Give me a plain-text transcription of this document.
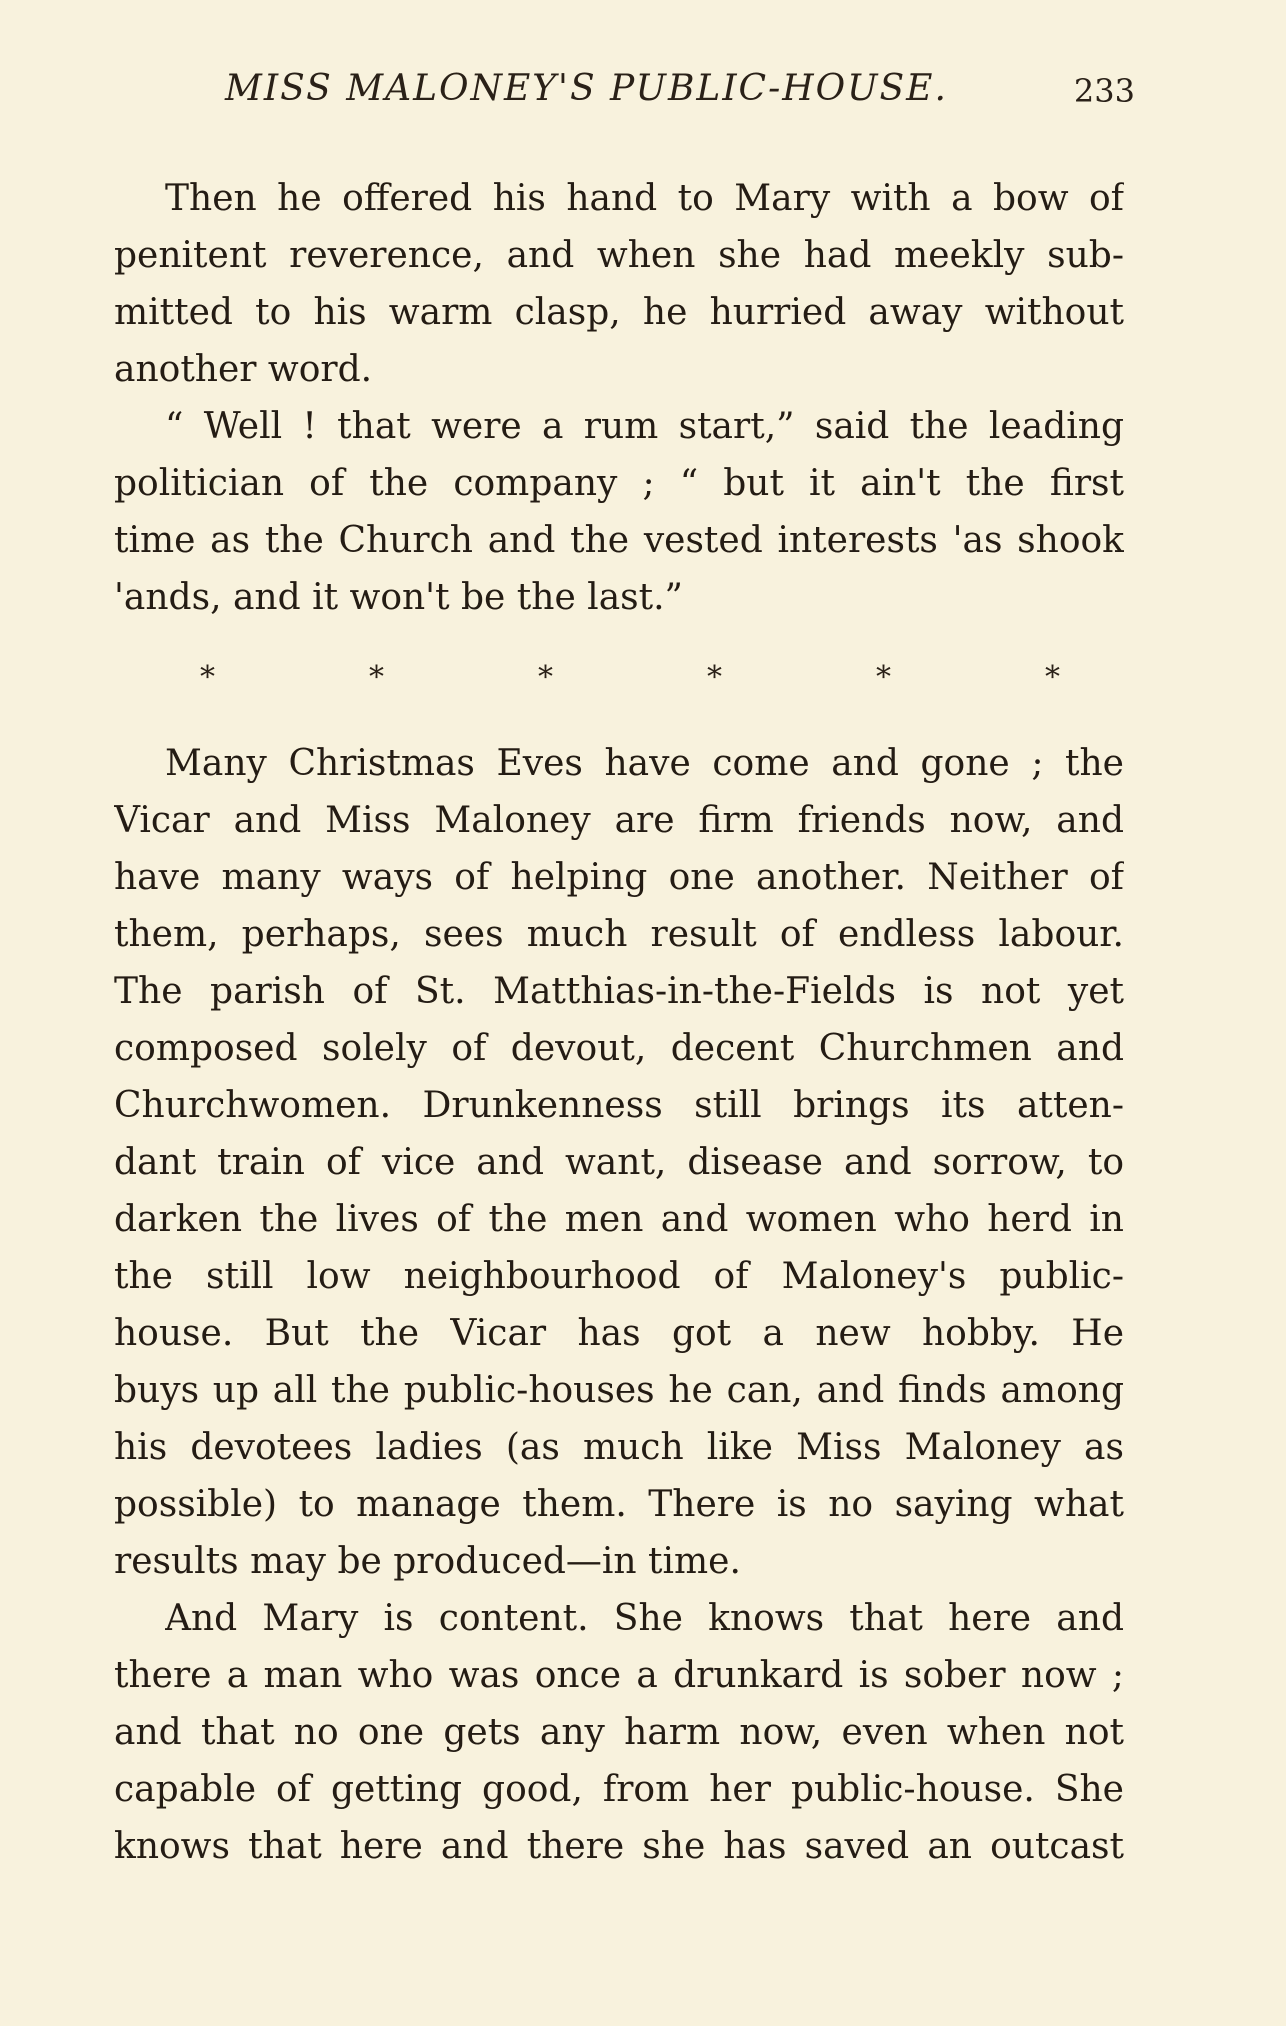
MISS MALONEY'S PUBLIC-HOUSE.	233
Then he offered his hand to Mary with a bow of
penitent reverence, and when she had meekly sub-
mitted to his warm clasp, he hurried away without
another word.
“ Well ! that were a rum start,” said the leading
politician of the company ; “ but it ain't the first
time as the Church and the vested interests 'as shook
'ands, and it won't be the last.”
*	*	*	*	*	*
Many Christmas Eves have come and gone ; the
Vicar and Miss Maloney are firm friends now, and
have many ways of helping one another. Neither of
them, perhaps, sees much result of endless labour.
The parish of St. Matthias-in-the-Fields is not yet
composed solely of devout, decent Churchmen and
Churchwomen. Drunkenness still brings its atten-
dant train of vice and want, disease and sorrow, to
darken the lives of the men and women who herd in
the still low neighbourhood of Maloney's public-
house. But the Vicar has got a new hobby. He
buys up all the public-houses he can, and finds among
his devotees ladies (as much like Miss Maloney as
possible) to manage them. There is no saying what
results may be produced—in time.
And Mary is content. She knows that here and
there a man who was once a drunkard is sober now ;
and that no one gets any harm now, even when not
capable of getting good, from her public-house. She
knows that here and there she has saved an outcast
